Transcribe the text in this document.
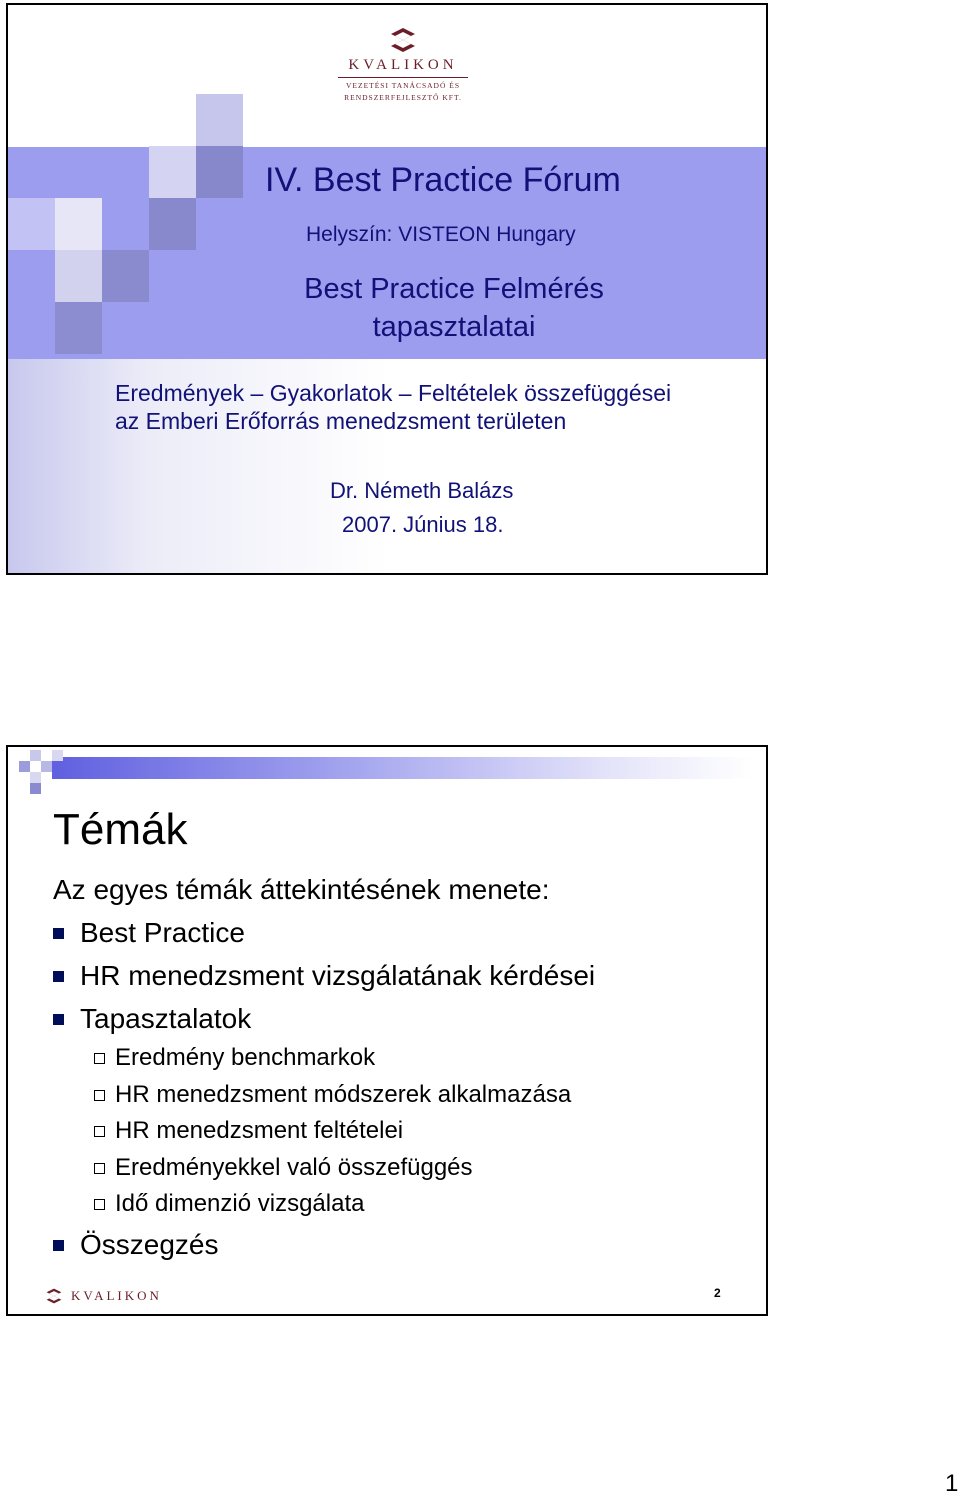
KVALIKON
VEZETÉSI TANÁCSADÓ ÉS
RENDSZERFEJLESZTŐ KFT.
IV. Best Practice Fórum
Helyszín: VISTEON Hungary
Best Practice Felmérés
tapasztalatai
Eredmények – Gyakorlatok – Feltételek összefüggései
az Emberi Erőforrás menedzsment területen
Dr. Németh Balázs
2007. Június 18.
Témák
Az egyes témák áttekintésének menete:
Best Practice
HR menedzsment vizsgálatának kérdései
Tapasztalatok
Eredmény benchmarkok
HR menedzsment módszerek alkalmazása
HR menedzsment feltételei
Eredményekkel való összefüggés
Idő dimenzió vizsgálata
Összegzés
KVALIKON	2
1
